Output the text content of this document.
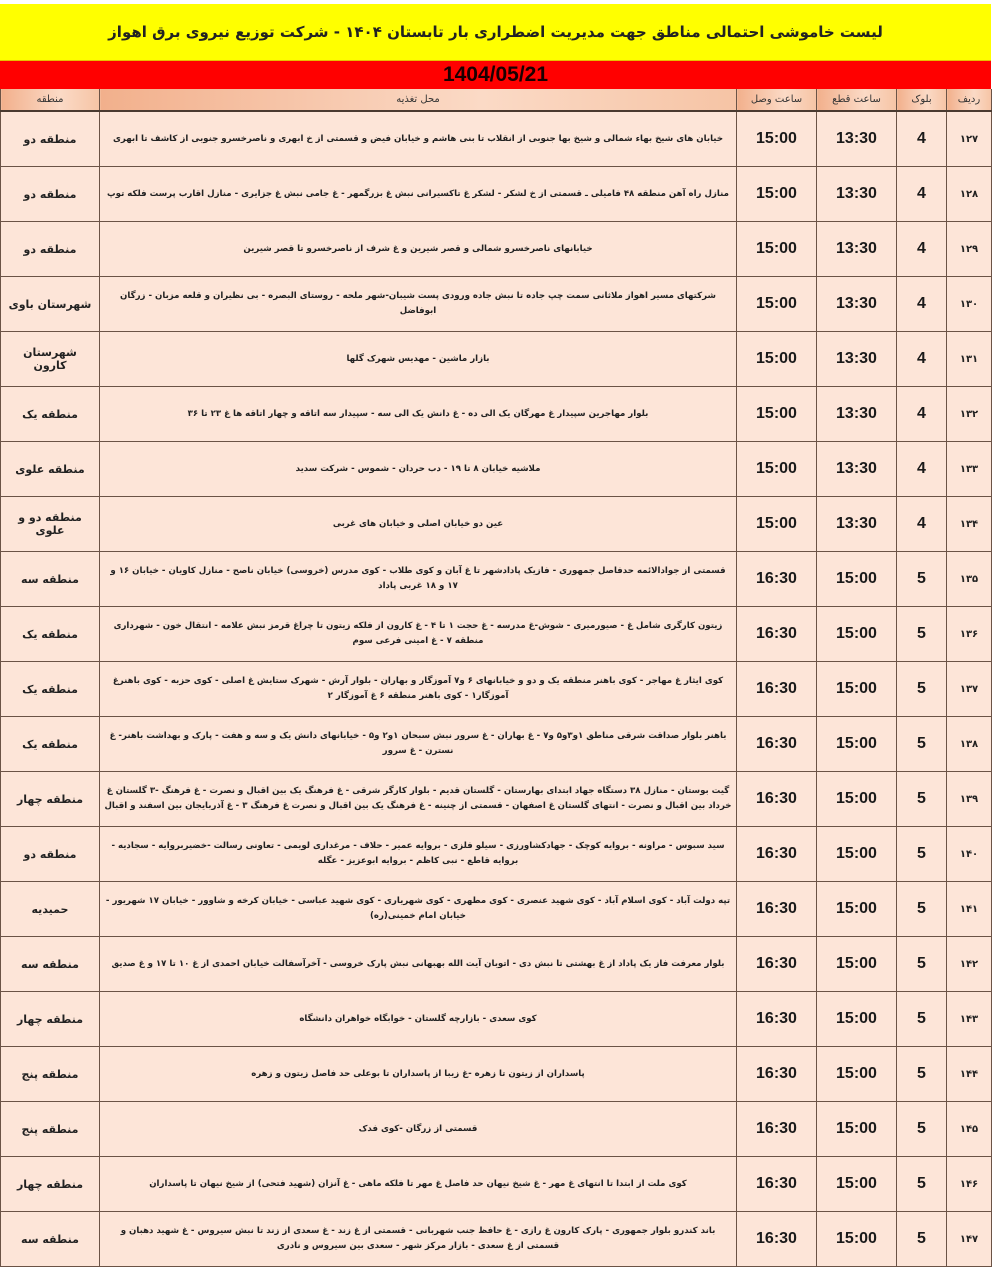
لیست خاموشی احتمالی مناطق جهت مدیریت اضطراری بار تابستان ۱۴۰۴ - شرکت توزیع نیروی برق اهواز
1404/05/21
ردیف	بلوک	ساعت قطع	ساعت وصل	محل تغذیه	منطقه
۱۲۷	4	13:30	15:00	خیابان های شیخ بهاء شمالی و شیخ بها جنوبی از انقلاب تا بنی هاشم و خیابان فیض و قسمتی از خ ابهری و ناصرخسرو جنوبی از کاشف تا ابهری	منطقه دو
۱۲۸	4	13:30	15:00	منازل راه آهن منطقه ۴۸ فامیلی ـ قسمتی از خ لشکر - لشکر غ تاکسیرانی نبش غ بزرگمهر - غ جامی نبش غ جزایری - منازل اقارب پرست فلکه توپ	منطقه دو
۱۲۹	4	13:30	15:00	خیابانهای ناصرخسرو شمالی و قصر شیرین و غ شرف از ناصرخسرو تا قصر شیرین	منطقه دو
۱۳۰	4	13:30	15:00	شرکتهای مسیر اهواز ملاثانی سمت چپ جاده تا نبش جاده ورودی پست شیبان-شهر ملحه - روستای البصره - بی نظیران و قلعه مزبان - زرگان ابوفاضل	شهرستان باوی
۱۳۱	4	13:30	15:00	بازار ماشین - مهدیس شهرک گلها	شهرستان کارون
۱۳۲	4	13:30	15:00	بلوار مهاجرین سپیدار غ مهرگان یک الی ده - غ دانش یک الی سه - سپیدار سه اتاقه و چهار اتاقه ها غ ۲۳ تا ۳۶	منطقه یک
۱۳۳	4	13:30	15:00	ملاشیه خیابان ۸ تا ۱۹ - دب حردان - شموس - شرکت سدید	منطقه علوی
۱۳۴	4	13:30	15:00	عین دو خیابان اصلی و خیابان های غربی	منطقه دو و علوی
۱۳۵	5	15:00	16:30	قسمتی از جوادالائمه حدفاصل جمهوری - فازیک پادادشهر تا غ آبان و کوی طلاب - کوی مدرس (خروسی) خیابان ناصح - منازل کاویان - خیابان ۱۶ و ۱۷ و ۱۸ غربی پاداد	منطقه سه
۱۳۶	5	15:00	16:30	زیتون کارگری شامل غ - صیورمیری - شوش-غ مدرسه - غ حجت ۱ تا ۴ - غ کارون از فلکه زیتون تا چراغ قرمز نبش علامه - انتقال خون - شهرداری منطقه ۷ - غ امینی فرعی سوم	منطقه یک
۱۳۷	5	15:00	16:30	کوی ایثار غ مهاجر - کوی باهنر منطقه یک و دو و خیابانهای ۶ و۷ آموزگار و بهاران - بلوار آرش - شهرک ستایش غ اصلی - کوی حزبه - کوی باهنرغ آموزگار۱ - کوی باهنر منطقه ۶ غ آموزگار ۲	منطقه یک
۱۳۸	5	15:00	16:30	باهنر بلوار صداقت شرقی مناطق ۱و۳و۵ و۷ - غ بهاران - غ سرور نبش سبحان ۱و۲ و۵ - خیابانهای دانش یک و سه و هفت - پارک و بهداشت باهنر- غ نسترن - غ سرور	منطقه یک
۱۳۹	5	15:00	16:30	گیت بوستان - منازل ۳۸ دستگاه جهاد ابتدای بهارستان - گلستان قدیم - بلوار کارگر شرقی - غ فرهنگ یک بین اقبال و نصرت - غ فرهنگ -۳ گلستان غ خرداد بین اقبال و نصرت - انتهای گلستان غ اصفهان - قسمتی از چنینه - غ فرهنگ یک بین اقبال و نصرت غ فرهنگ ۳ - غ آذربایجان بین اسفند و اقبال	منطقه چهار
۱۴۰	5	15:00	16:30	سید سبوس - مراونه - بروایه کوچک - جهادکشاورزی - سیلو فلزی - بروایه عمیر - حلاف - مرغداری لویمی - تعاونی رسالت -خضیربروایه - سجادیه - بروایه قاطع - نبی کاظم - بروایه ابوعزیز - عگله	منطقه دو
۱۴۱	5	15:00	16:30	تپه دولت آباد - کوی اسلام آباد - کوی شهید عنصری - کوی مطهری - کوی شهریاری - کوی شهید عباسی - خیابان کرخه و شاوور - خیابان ۱۷ شهریور - خیابان امام خمینی(ره)	حمیدیه
۱۴۲	5	15:00	16:30	بلوار معرفت فاز یک پاداد از غ بهشتی تا نبش دی - اتوبان آیت الله بهبهانی نبش پارک خروسی - آخرآسفالت خیابان احمدی از غ ۱۰ تا ۱۷ و غ صدیق	منطقه سه
۱۴۳	5	15:00	16:30	کوی سعدی - بازارچه گلستان - خوابگاه خواهران دانشگاه	منطقه چهار
۱۴۴	5	15:00	16:30	پاسداران از زیتون تا زهره -غ زیبا از پاسداران تا بوعلی حد فاصل زیتون و زهره	منطقه پنج
۱۴۵	5	15:00	16:30	قسمتی از زرگان -کوی فدک	منطقه پنج
۱۴۶	5	15:00	16:30	کوی ملت از ابتدا تا انتهای غ مهر - غ شیخ نیهان حد فاصل غ مهر تا فلکه ماهی - غ آنزان (شهید فتحی) از شیخ نیهان تا پاسداران	منطقه چهار
۱۴۷	5	15:00	16:30	باند کندرو بلوار جمهوری - پارک کارون غ رازی - غ حافظ جنب شهربانی - قسمتی از غ زند - غ سعدی از زند تا نبش سیروس - غ شهید دهبان و قسمتی از غ سعدی - بازار مرکز شهر - سعدی بین سیروس و نادری	منطقه سه
